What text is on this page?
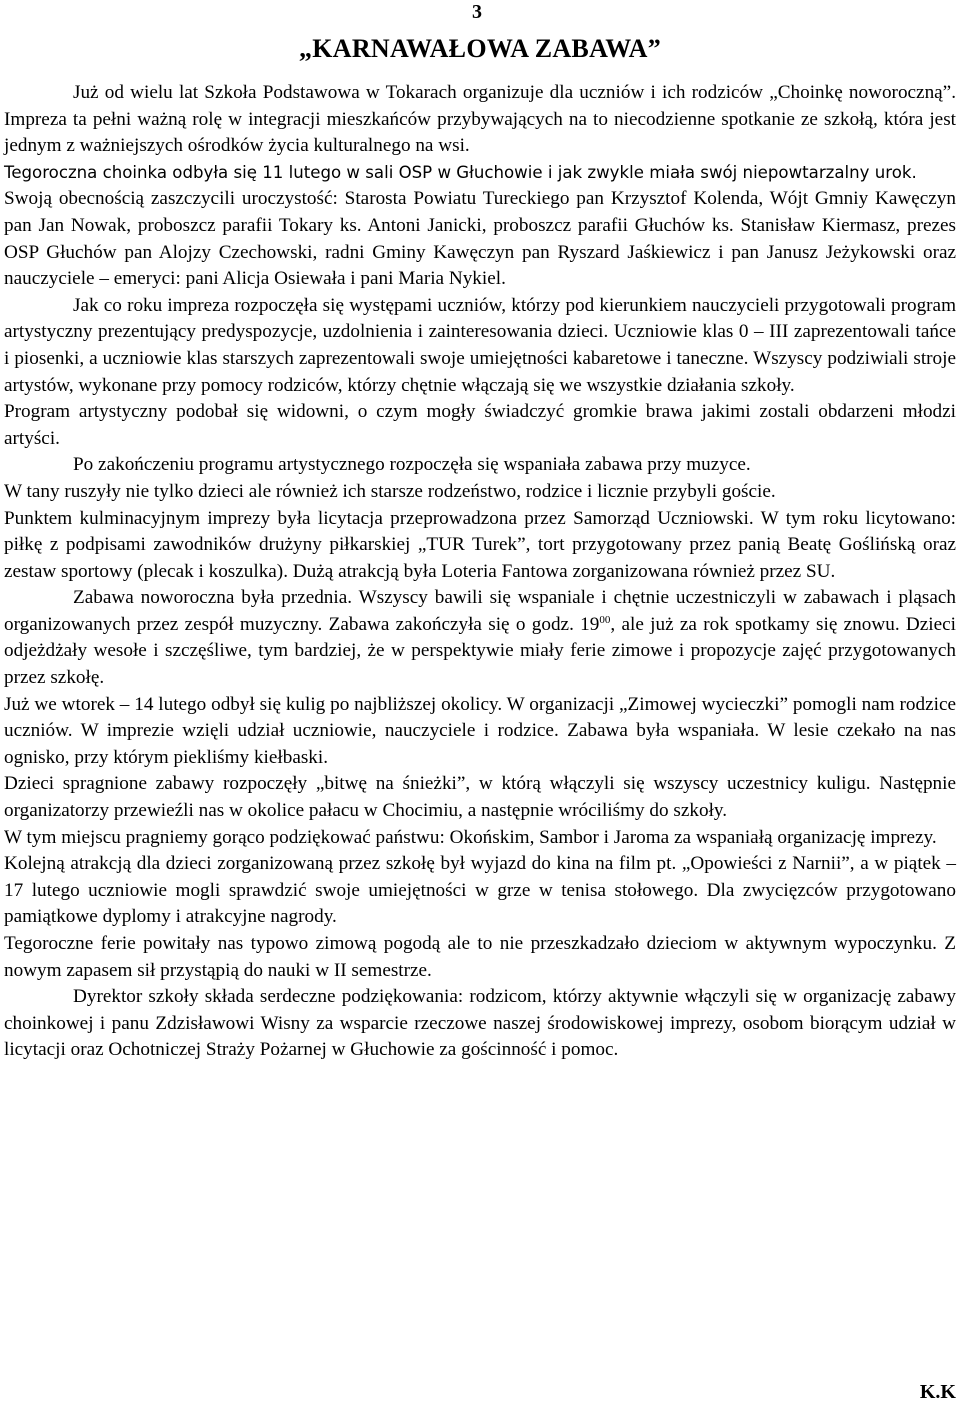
3
„KARNAWAŁOWA ZABAWA”

Już od wielu lat Szkoła Podstawowa w Tokarach organizuje dla uczniów i ich rodziców „Choinkę noworoczną”. Impreza ta pełni ważną rolę w integracji mieszkańców przybywających na to niecodzienne spotkanie ze szkołą, która jest jednym z ważniejszych ośrodków życia kulturalnego na wsi.

Tegoroczna choinka odbyła się 11 lutego w sali OSP w Głuchowie i jak zwykle miała swój niepowtarzalny urok.

Swoją obecnością zaszczycili uroczystość: Starosta Powiatu Tureckiego pan Krzysztof Kolenda, Wójt Gmniy Kawęczyn pan Jan Nowak, proboszcz parafii Tokary ks. Antoni Janicki, proboszcz parafii Głuchów ks. Stanisław Kiermasz, prezes OSP Głuchów pan Alojzy Czechowski, radni Gminy Kawęczyn pan Ryszard Jaśkiewicz i pan Janusz Jeżykowski oraz nauczyciele – emeryci: pani Alicja Osiewała i pani Maria Nykiel.

Jak co roku impreza rozpoczęła się występami uczniów, którzy pod kierunkiem nauczycieli przygotowali program artystyczny prezentujący predyspozycje, uzdolnienia i zainteresowania dzieci. Uczniowie klas 0 – III zaprezentowali tańce i piosenki, a uczniowie klas starszych zaprezentowali swoje umiejętności kabaretowe i taneczne. Wszyscy podziwiali stroje artystów, wykonane przy pomocy rodziców, którzy chętnie włączają się we wszystkie działania szkoły.

Program artystyczny podobał się widowni, o czym mogły świadczyć gromkie brawa jakimi zostali obdarzeni młodzi artyści.

Po zakończeniu programu artystycznego rozpoczęła się wspaniała zabawa przy muzyce.

W tany ruszyły nie tylko dzieci ale również ich starsze rodzeństwo, rodzice i licznie przybyli goście.

Punktem kulminacyjnym imprezy była licytacja przeprowadzona przez Samorząd Uczniowski. W tym roku licytowano: piłkę z podpisami zawodników drużyny piłkarskiej „TUR Turek”, tort przygotowany przez panią Beatę Goślińską oraz zestaw sportowy (plecak i koszulka). Dużą atrakcją była Loteria Fantowa zorganizowana również przez SU.

Zabawa noworoczna była przednia. Wszyscy bawili się wspaniale i chętnie uczestniczyli w zabawach i pląsach organizowanych przez zespół muzyczny. Zabawa zakończyła się o godz. $19^{00}$, ale już za rok spotkamy się znowu. Dzieci odjeżdżały wesołe i szczęśliwe, tym bardziej, że w perspektywie miały ferie zimowe i propozycje zajęć przygotowanych przez szkołę.

Już we wtorek – 14 lutego odbył się kulig po najbliższej okolicy. W organizacji „Zimowej wycieczki” pomogli nam rodzice uczniów. W imprezie wzięli udział uczniowie, nauczyciele i rodzice. Zabawa była wspaniała. W lesie czekało na nas ognisko, przy którym piekliśmy kiełbaski.

Dzieci spragnione zabawy rozpoczęły „bitwę na śnieżki”, w którą włączyli się wszyscy uczestnicy kuligu. Następnie organizatorzy przewieźli nas w okolice pałacu w Chocimiu, a następnie wróciliśmy do szkoły.

W tym miejscu pragniemy gorąco podziękować państwu: Okońskim, Sambor i Jaroma za wspaniałą organizację imprezy.

Kolejną atrakcją dla dzieci zorganizowaną przez szkołę był wyjazd do kina na film pt. „Opowieści z Narnii”, a w piątek – 17 lutego uczniowie mogli sprawdzić swoje umiejętności w grze w tenisa stołowego. Dla zwycięzców przygotowano pamiątkowe dyplomy i atrakcyjne nagrody.

Tegoroczne ferie powitały nas typowo zimową pogodą ale to nie przeszkadzało dzieciom w aktywnym wypoczynku. Z nowym zapasem sił przystąpią do nauki w II semestrze.

Dyrektor szkoły składa serdeczne podziękowania: rodzicom, którzy aktywnie włączyli się w organizację zabawy choinkowej i panu Zdzisławowi Wisny za wsparcie rzeczowe naszej środowiskowej imprezy, osobom biorącym udział w licytacji oraz Ochotniczej Straży Pożarnej w Głuchowie za gościnność i pomoc.

K.K
